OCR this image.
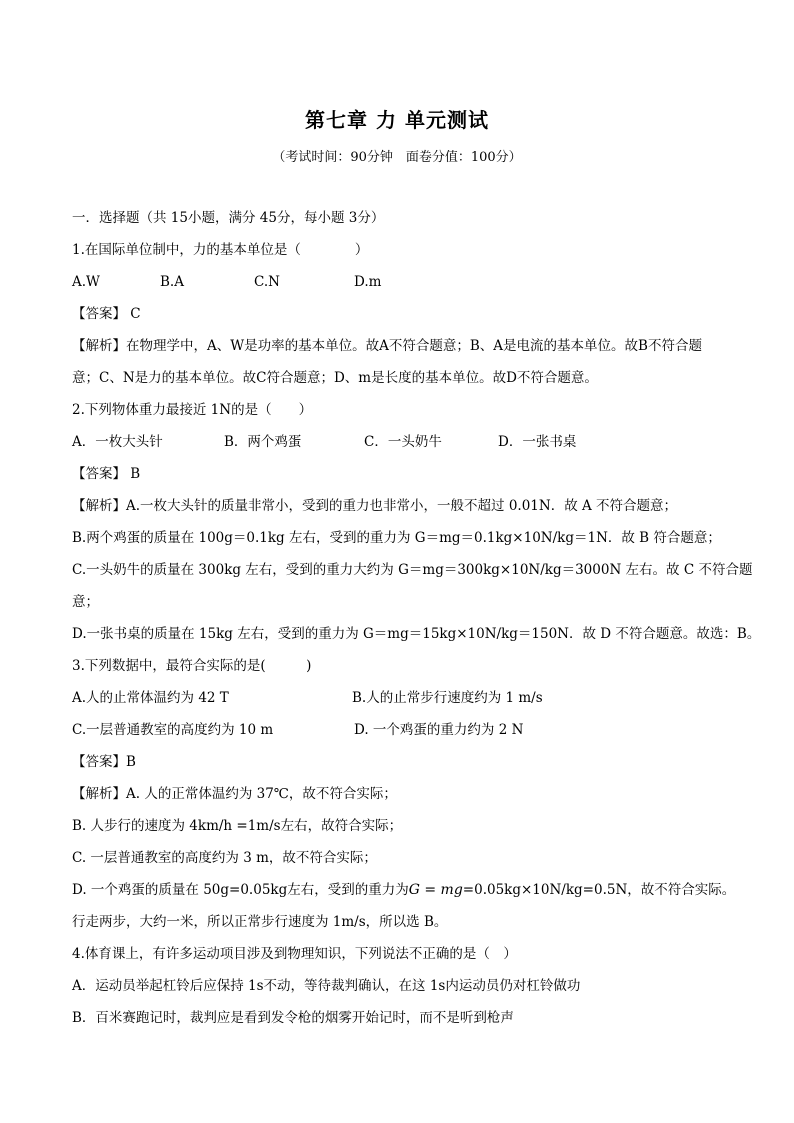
第七章 力 单元测试
（考试时间：90分钟　面卷分值：100分）
一．选择题（共 15小题，满分 45分，每小题 3分）
1.在国际单位制中，力的基本单位是（　　　　）
A.W	B.A	C.N	D.m
【答案】 C
【解析】在物理学中，A、W是功率的基本单位。故A不符合题意；B、A是电流的基本单位。故B不符合题
意；C、N是力的基本单位。故C符合题意；D、m是长度的基本单位。故D不符合题意。
2.下列物体重力最接近 1N的是（　　）
A．一枚大头针	B．两个鸡蛋	C．一头奶牛	D．一张书桌
【答案】 B
【解析】A.一枚大头针的质量非常小，受到的重力也非常小，一般不超过 0.01N．故 A 不符合题意；
B.两个鸡蛋的质量在 100g＝0.1kg 左右，受到的重力为 G＝mg＝0.1kg×10N/kg＝1N．故 B 符合题意；
C.一头奶牛的质量在 300kg 左右，受到的重力大约为 G＝mg＝300kg×10N/kg＝3000N 左右。故 C 不符合题
意；
D.一张书桌的质量在 15kg 左右，受到的重力为 G＝mg＝15kg×10N/kg＝150N．故 D 不符合题意。故选：B。
3.下列数据中，最符合实际的是(　　　)
A.人的止常体温约为 42 T	B.人的止常步行速度约为 1 m/s
C.一层普通教室的高度约为 10 m	D. 一个鸡蛋的重力约为 2 N
【答案】B
【解析】A. 人的正常体温约为 37℃，故不符合实际；
B. 人步行的速度为 4km/h =1m/s左右，故符合实际；
C. 一层普通教室的高度约为 3 m，故不符合实际；
D. 一个鸡蛋的质量在 50g=0.05kg左右，受到的重力为G = mg=0.05kg×10N/kg=0.5N，故不符合实际。
行走两步，大约一米，所以正常步行速度为 1m/s，所以选 B。
4.体育课上，有许多运动项目涉及到物理知识，下列说法不正确的是（　）
A．运动员举起杠铃后应保持 1s不动，等待裁判确认，在这 1s内运动员仍对杠铃做功
B．百米赛跑记时，裁判应是看到发令枪的烟雾开始记时，而不是听到枪声
